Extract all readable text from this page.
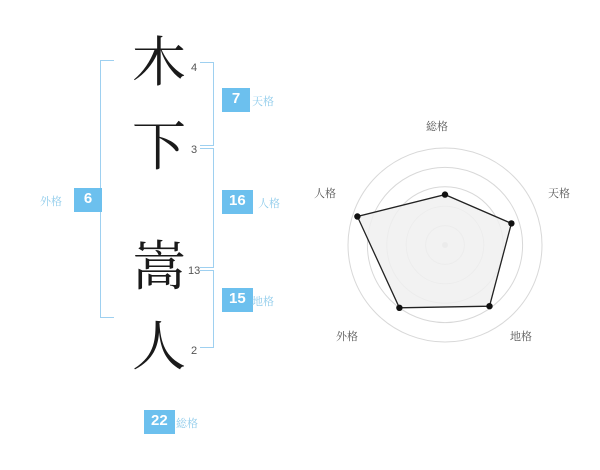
木
下
嵩
人
4
3
13
2
7	天格
16	人格
15 地格
6
外格
22 総格
総格
天格
地格
外格
人格
